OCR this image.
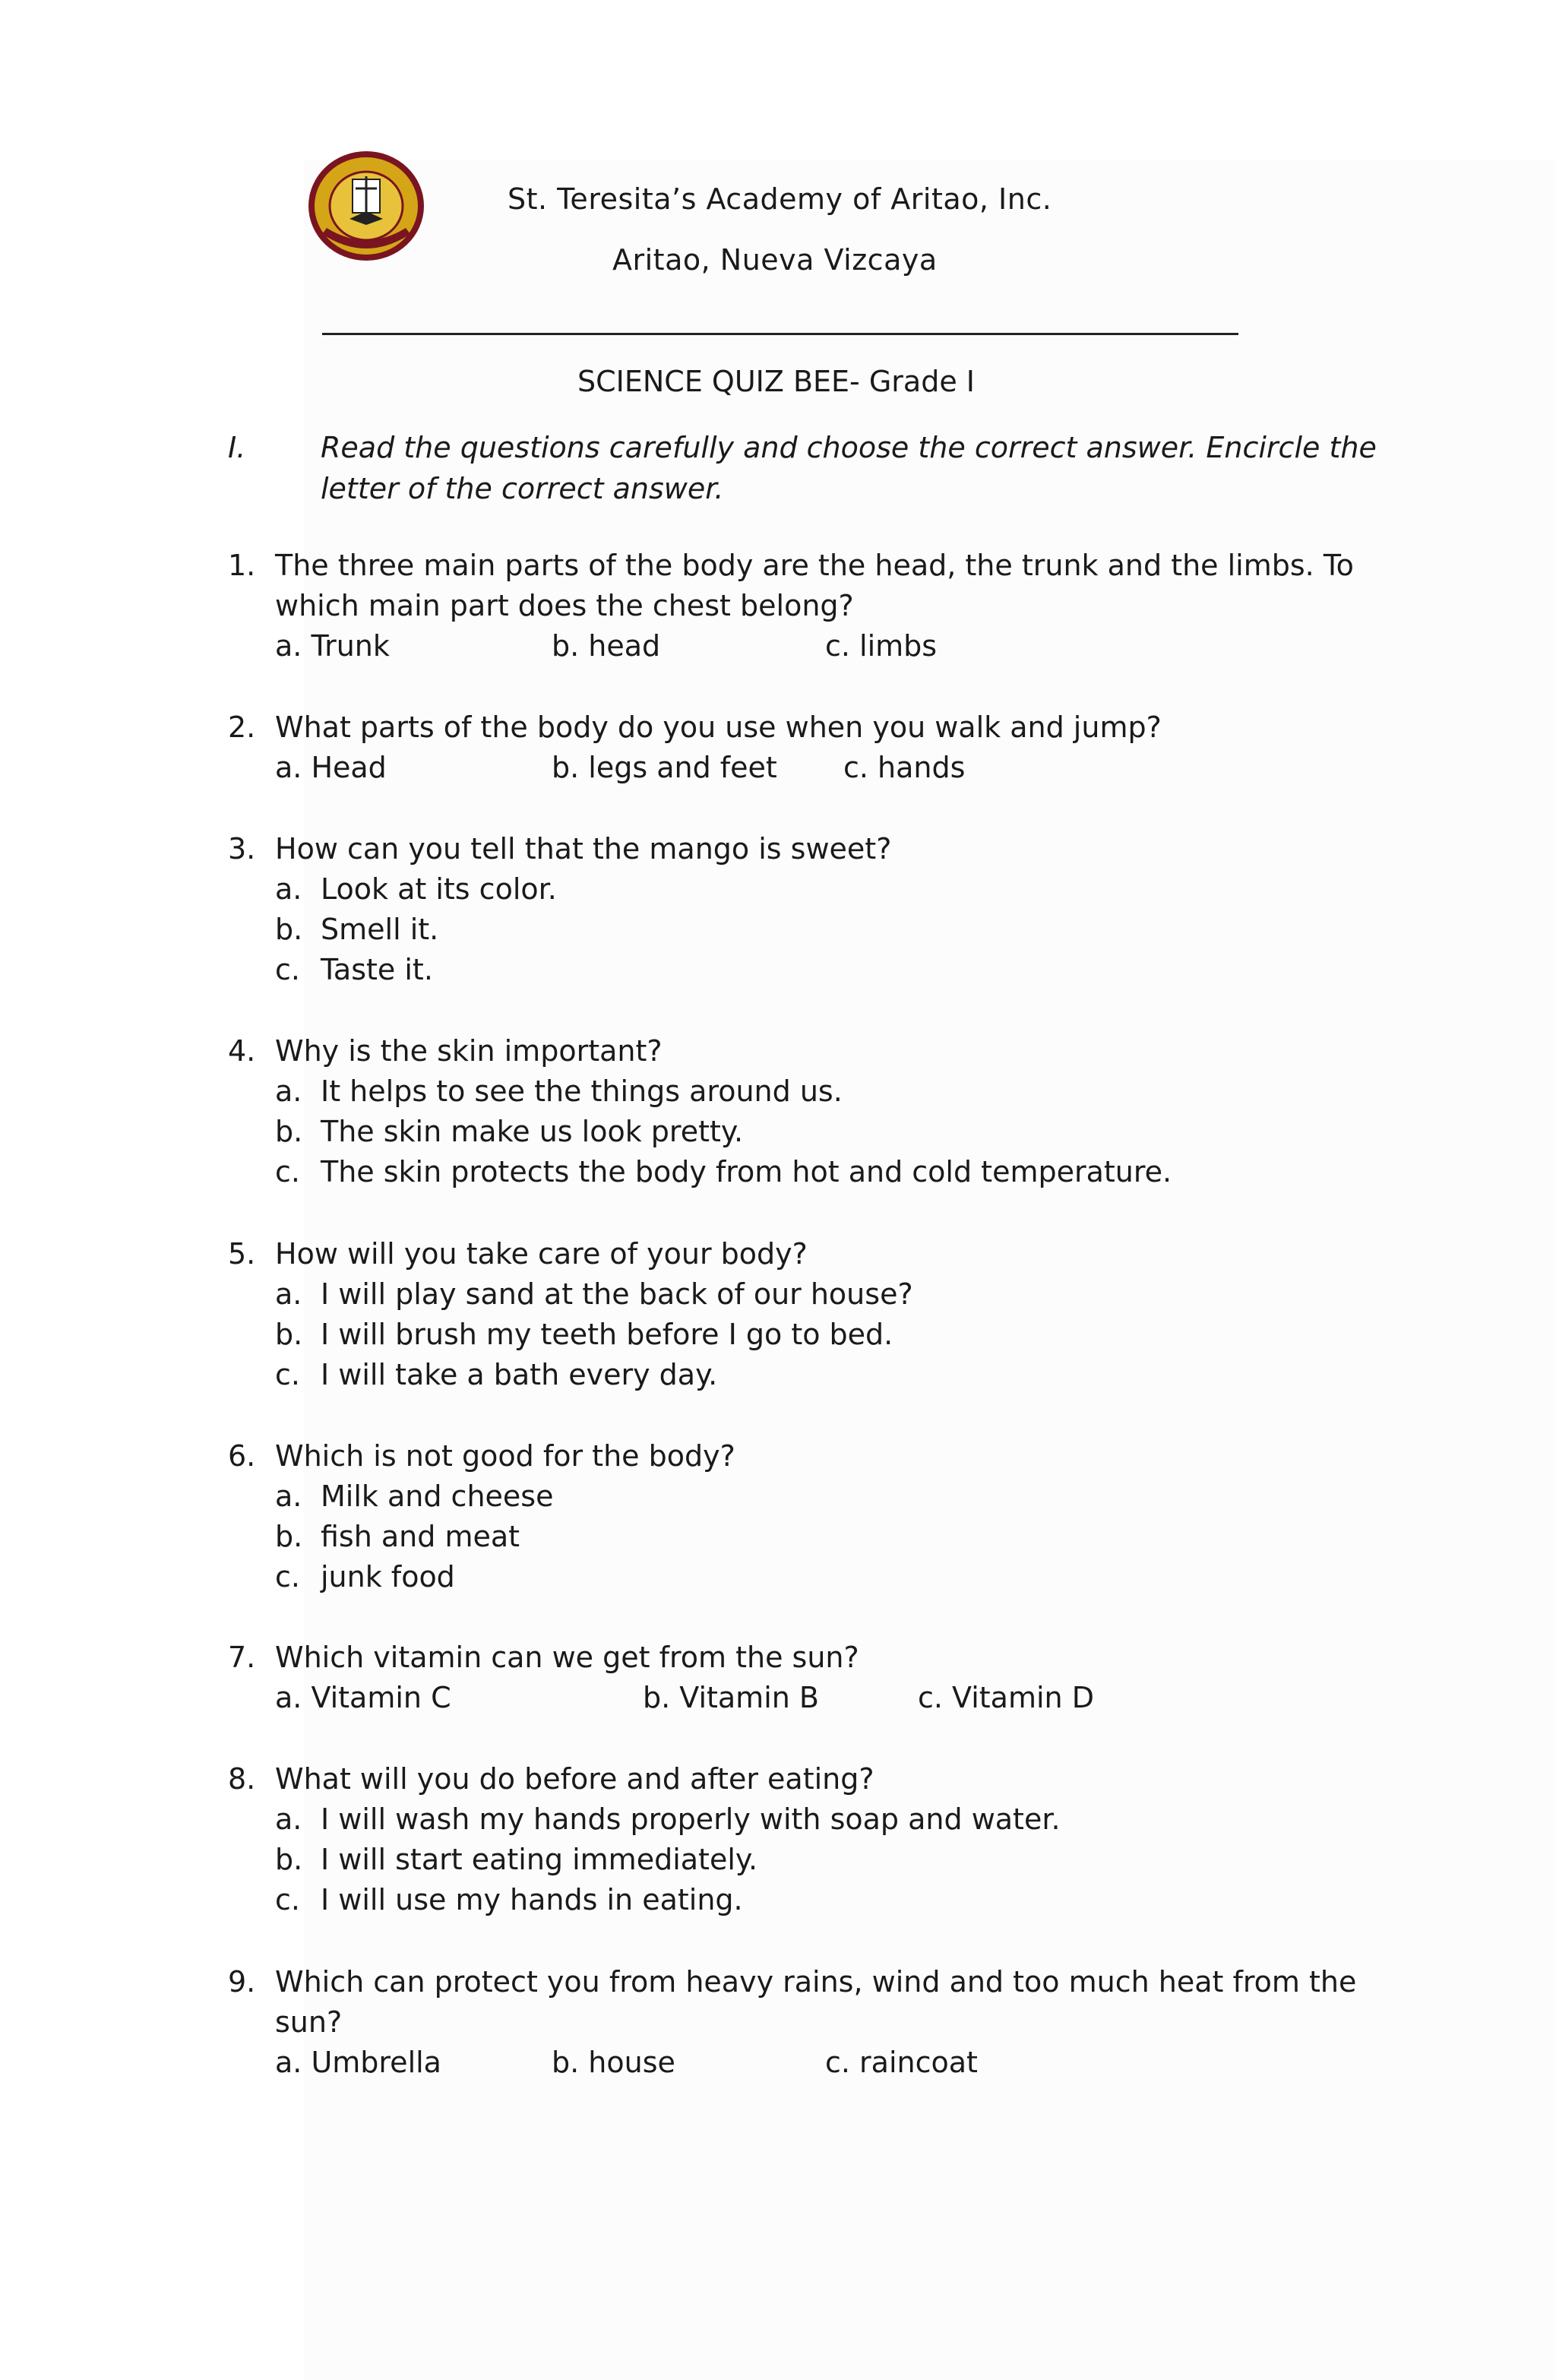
St. Teresita’s Academy of Aritao, Inc.
Aritao, Nueva Vizcaya
SCIENCE QUIZ BEE- Grade I
I.	Read the questions carefully and choose the correct answer. Encircle the letter of the correct answer.
1. The three main parts of the body are the head, the trunk and the limbs. To which main part does the chest belong?
a. Trunk	b. head	c. limbs
2. What parts of the body do you use when you walk and jump?
a. Head	b. legs and feet c. hands
3. How can you tell that the mango is sweet?
a. Look at its color.
b. Smell it.
c. Taste it.
4. Why is the skin important?
a. It helps to see the things around us.
b. The skin make us look pretty.
c. The skin protects the body from hot and cold temperature.
5. How will you take care of your body?
a. I will play sand at the back of our house?
b. I will brush my teeth before I go to bed.
c. I will take a bath every day.
6. Which is not good for the body?
a. Milk and cheese
b. fish and meat
c. junk food
7. Which vitamin can we get from the sun?
a. Vitamin C	b. Vitamin B	c. Vitamin D
8. What will you do before and after eating?
a. I will wash my hands properly with soap and water.
b. I will start eating immediately.
c. I will use my hands in eating.
9. Which can protect you from heavy rains, wind and too much heat from the sun?
a. Umbrella	b. house	c. raincoat
